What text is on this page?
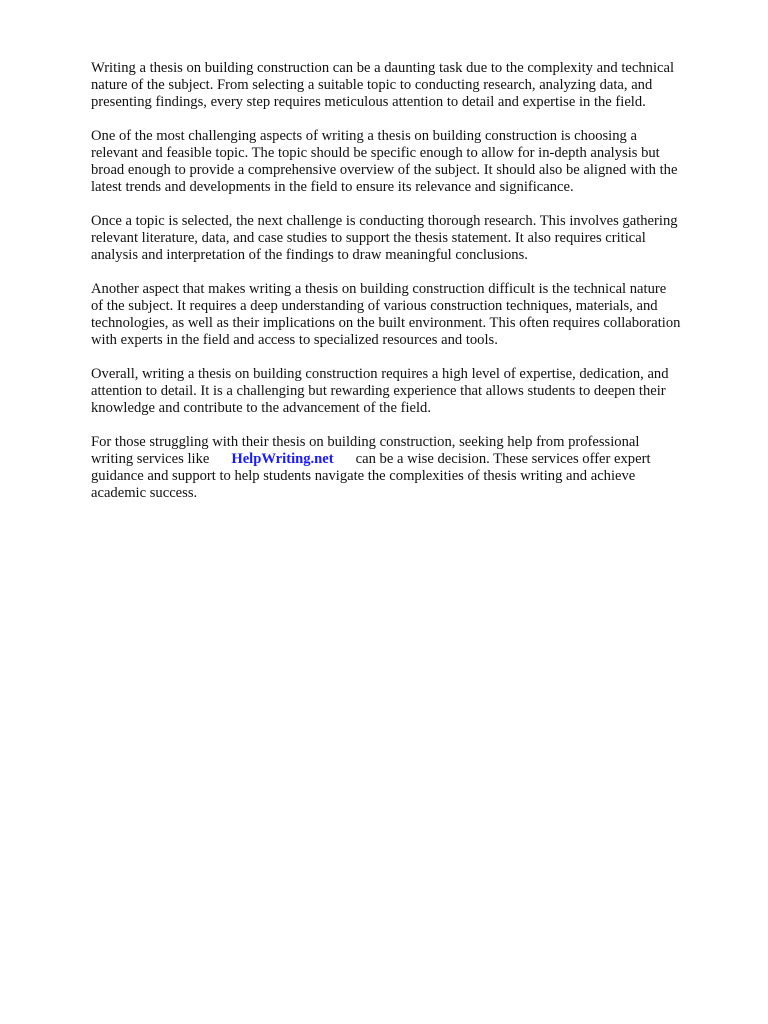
Writing a thesis on building construction can be a daunting task due to the complexity and technical
nature of the subject. From selecting a suitable topic to conducting research, analyzing data, and
presenting findings, every step requires meticulous attention to detail and expertise in the field.

One of the most challenging aspects of writing a thesis on building construction is choosing a
relevant and feasible topic. The topic should be specific enough to allow for in-depth analysis but
broad enough to provide a comprehensive overview of the subject. It should also be aligned with the
latest trends and developments in the field to ensure its relevance and significance.

Once a topic is selected, the next challenge is conducting thorough research. This involves gathering
relevant literature, data, and case studies to support the thesis statement. It also requires critical
analysis and interpretation of the findings to draw meaningful conclusions.

Another aspect that makes writing a thesis on building construction difficult is the technical nature
of the subject. It requires a deep understanding of various construction techniques, materials, and
technologies, as well as their implications on the built environment. This often requires collaboration
with experts in the field and access to specialized resources and tools.

Overall, writing a thesis on building construction requires a high level of expertise, dedication, and
attention to detail. It is a challenging but rewarding experience that allows students to deepen their
knowledge and contribute to the advancement of the field.

For those struggling with their thesis on building construction, seeking help from professional
writing services like HelpWriting.net can be a wise decision. These services offer expert
guidance and support to help students navigate the complexities of thesis writing and achieve
academic success.
